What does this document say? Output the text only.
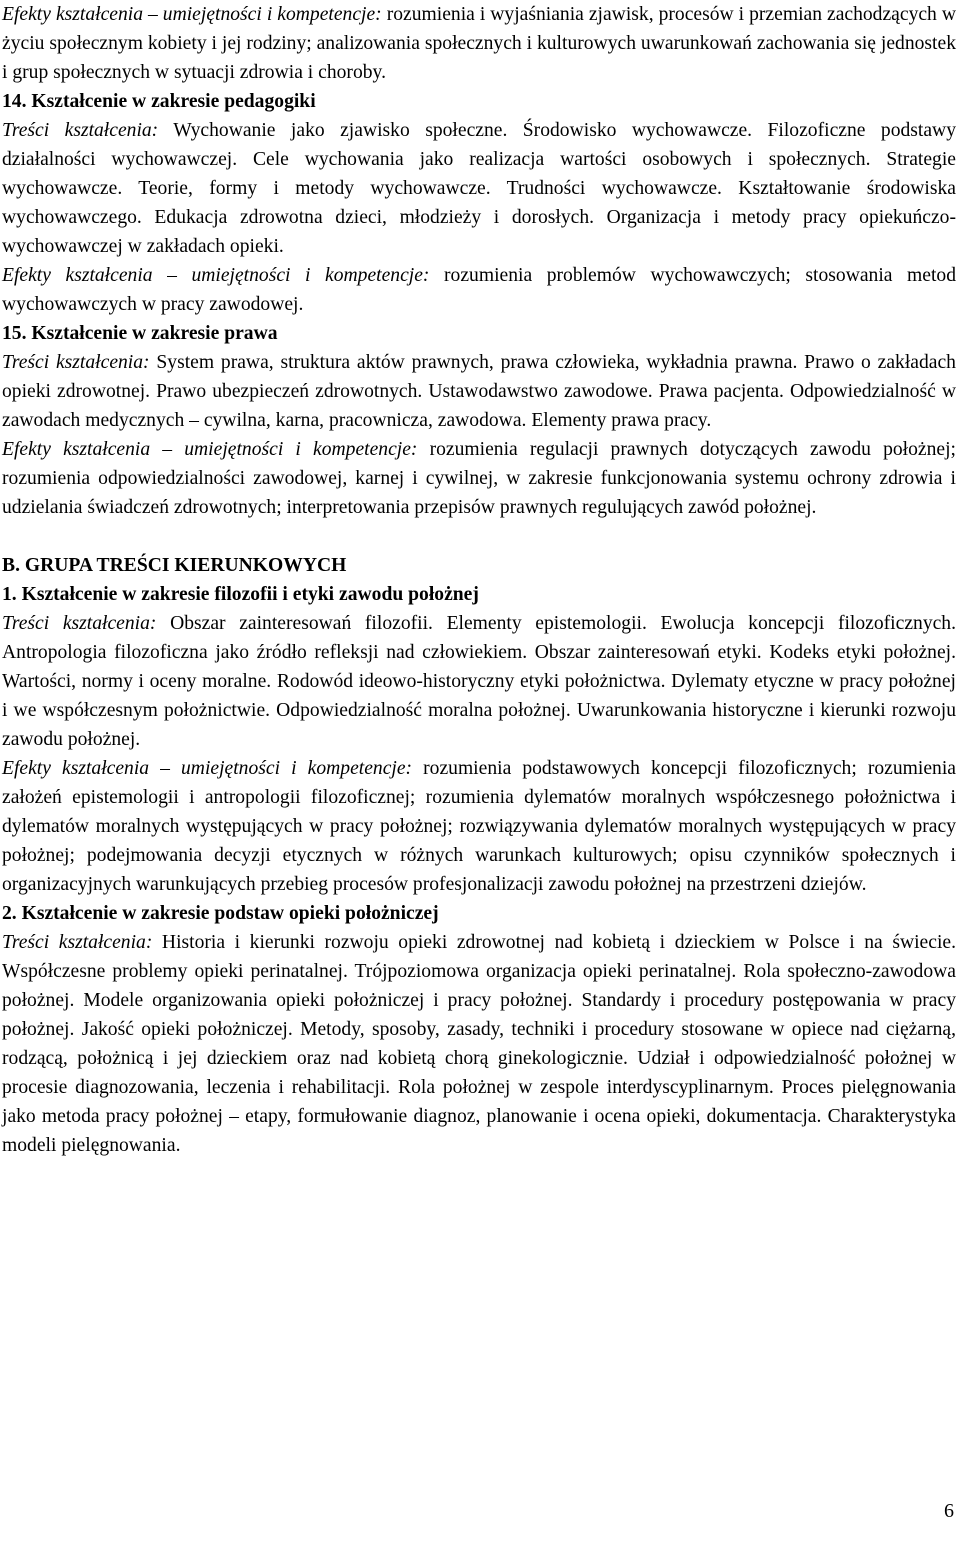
Efekty kształcenia – umiejętności i kompetencje: rozumienia i wyjaśniania zjawisk, procesów i przemian zachodzących w życiu społecznym kobiety i jej rodziny; analizowania społecznych i kulturowych uwarunkowań zachowania się jednostek i grup społecznych w sytuacji zdrowia i choroby.

14. Kształcenie w zakresie pedagogiki

Treści kształcenia: Wychowanie jako zjawisko społeczne. Środowisko wychowawcze. Filozoficzne podstawy działalności wychowawczej. Cele wychowania jako realizacja wartości osobowych i społecznych. Strategie wychowawcze. Teorie, formy i metody wychowawcze. Trudności wychowawcze. Kształtowanie środowiska wychowawczego. Edukacja zdrowotna dzieci, młodzieży i dorosłych. Organizacja i metody pracy opiekuńczo-wychowawczej w zakładach opieki.

Efekty kształcenia – umiejętności i kompetencje: rozumienia problemów wychowawczych; stosowania metod wychowawczych w pracy zawodowej.

15. Kształcenie w zakresie prawa

Treści kształcenia: System prawa, struktura aktów prawnych, prawa człowieka, wykładnia prawna. Prawo o zakładach opieki zdrowotnej. Prawo ubezpieczeń zdrowotnych. Ustawodawstwo zawodowe. Prawa pacjenta. Odpowiedzialność w zawodach medycznych – cywilna, karna, pracownicza, zawodowa. Elementy prawa pracy.

Efekty kształcenia – umiejętności i kompetencje: rozumienia regulacji prawnych dotyczących zawodu położnej; rozumienia odpowiedzialności zawodowej, karnej i cywilnej, w zakresie funkcjonowania systemu ochrony zdrowia i udzielania świadczeń zdrowotnych; interpretowania przepisów prawnych regulujących zawód położnej.

B. GRUPA TREŚCI KIERUNKOWYCH

1. Kształcenie w zakresie filozofii i etyki zawodu położnej

Treści kształcenia: Obszar zainteresowań filozofii. Elementy epistemologii. Ewolucja koncepcji filozoficznych. Antropologia filozoficzna jako źródło refleksji nad człowiekiem. Obszar zainteresowań etyki. Kodeks etyki położnej. Wartości, normy i oceny moralne. Rodowód ideowo-historyczny etyki położnictwa. Dylematy etyczne w pracy położnej i we współczesnym położnictwie. Odpowiedzialność moralna położnej. Uwarunkowania historyczne i kierunki rozwoju zawodu położnej.

Efekty kształcenia – umiejętności i kompetencje: rozumienia podstawowych koncepcji filozoficznych; rozumienia założeń epistemologii i antropologii filozoficznej; rozumienia dylematów moralnych współczesnego położnictwa i dylematów moralnych występujących w pracy położnej; rozwiązywania dylematów moralnych występujących w pracy położnej; podejmowania decyzji etycznych w różnych warunkach kulturowych; opisu czynników społecznych i organizacyjnych warunkujących przebieg procesów profesjonalizacji zawodu położnej na przestrzeni dziejów.

2. Kształcenie w zakresie podstaw opieki położniczej

Treści kształcenia: Historia i kierunki rozwoju opieki zdrowotnej nad kobietą i dzieckiem w Polsce i na świecie. Współczesne problemy opieki perinatalnej. Trójpoziomowa organizacja opieki perinatalnej. Rola społeczno-zawodowa położnej. Modele organizowania opieki położniczej i pracy położnej. Standardy i procedury postępowania w pracy położnej. Jakość opieki położniczej. Metody, sposoby, zasady, techniki i procedury stosowane w opiece nad ciężarną, rodzącą, położnicą i jej dzieckiem oraz nad kobietą chorą ginekologicznie. Udział i odpowiedzialność położnej w procesie diagnozowania, leczenia i rehabilitacji. Rola położnej w zespole interdyscyplinarnym. Proces pielęgnowania jako metoda pracy położnej – etapy, formułowanie diagnoz, planowanie i ocena opieki, dokumentacja. Charakterystyka modeli pielęgnowania.

6
